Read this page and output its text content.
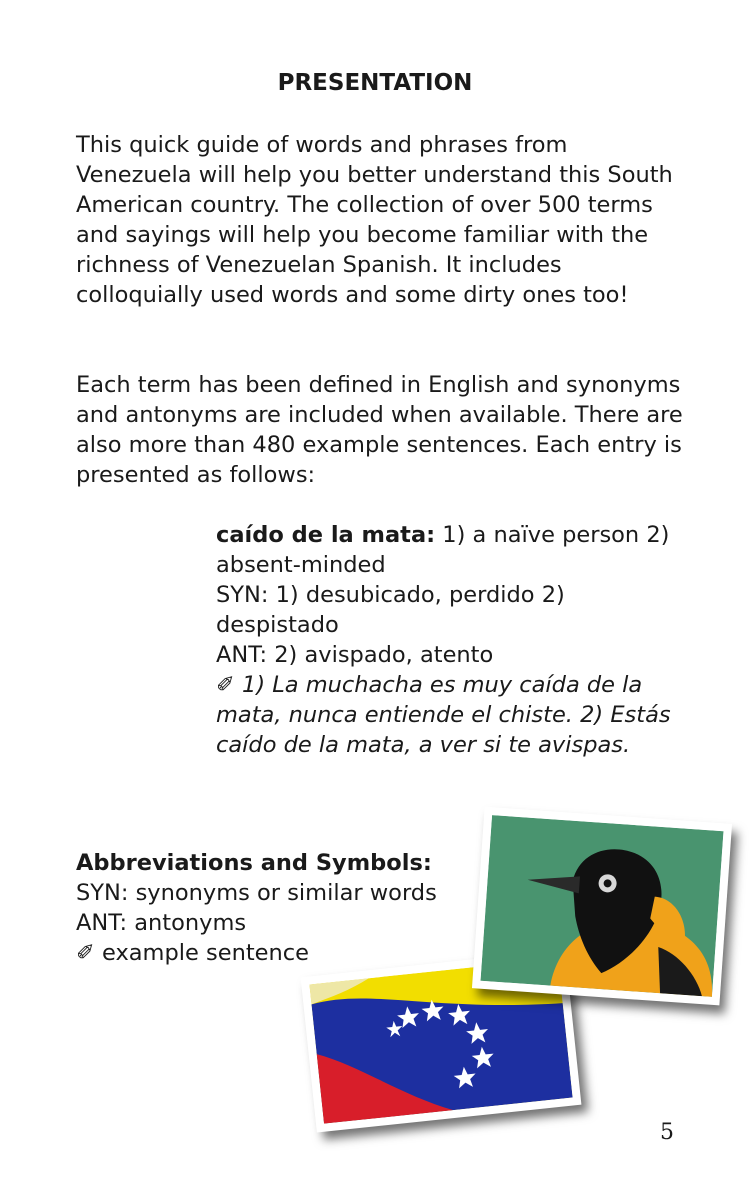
PRESENTATION

This quick guide of words and phrases from Venezuela will help you better understand this South American country. The collection of over 500 terms and sayings will help you become familiar with the richness of Venezuelan Spanish. It includes colloquially used words and some dirty ones too!

Each term has been defined in English and synonyms and antonyms are included when available. There are also more than 480 example sentences. Each entry is presented as follows:

caído de la mata: 1) a naïve person 2) absent-minded
SYN: 1) desubicado, perdido 2) despistado
ANT: 2) avispado, atento
✐ 1) La muchacha es muy caída de la mata, nunca entiende el chiste. 2) Estás caído de la mata, a ver si te avispas.
Abbreviations and Symbols:
SYN: synonyms or similar words
ANT: antonyms
✐ example sentence
5
